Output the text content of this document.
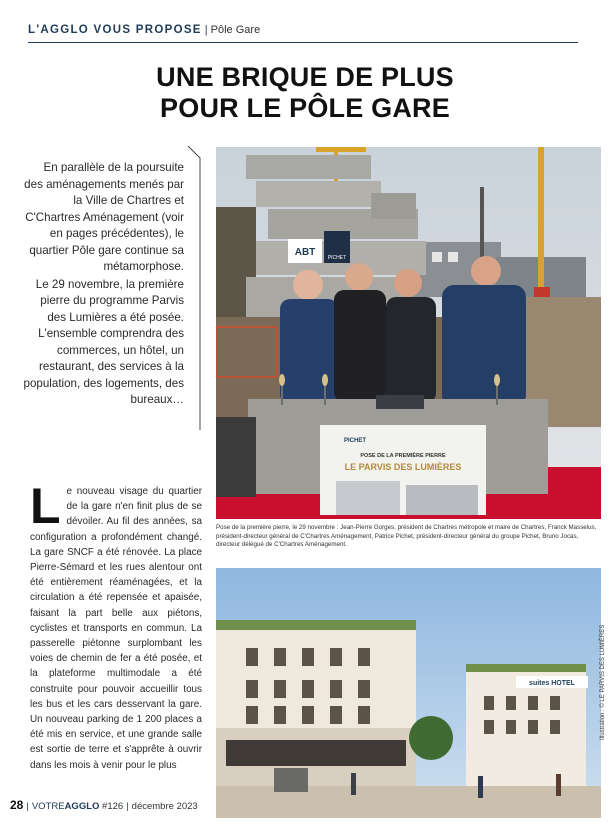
L'AGGLO VOUS PROPOSE | Pôle Gare
UNE BRIQUE DE PLUS
POUR LE PÔLE GARE

En parallèle de la poursuite des aménagements menés par la Ville de Chartres et C'Chartres Aménagement (voir en pages précédentes), le quartier Pôle gare continue sa métamorphose.

Le 29 novembre, la première pierre du programme Parvis des Lumières a été posée. L'ensemble comprendra des commerces, un hôtel, un restaurant, des services à la population, des logements, des bureaux…

ABT	PICHET
PICHET
POSE DE LA PREMIÈRE PIERRE
LE PARVIS DES LUMIÈRES
Pose de la première pierre, le 29 novembre : Jean-Pierre Gorges, président de Chartres métropole et maire de Chartres, Franck Masselus, président-directeur général de C'Chartres Aménagement, Patrice Pichet, président-directeur général du groupe Pichet, Bruno Jocas, directeur délégué de C'Chartres Aménagement.
Le nouveau visage du quartier de la gare n'en finit plus de se dévoiler. Au fil des années, sa configuration a profondément changé. La gare SNCF a été rénovée. La place Pierre-Sémard et les rues alentour ont été entièrement réaménagées, et la circulation a été repensée et apaisée, faisant la part belle aux piétons, cyclistes et transports en commun. La passerelle piétonne surplombant les voies de chemin de fer a été posée, et la plateforme multimodale a été construite pour pouvoir accueillir tous les bus et les cars desservant la gare. Un nouveau parking de 1 200 places a été mis en service, et une grande salle est sortie de terre et s'apprête à ouvrir dans les mois à venir pour le plus
suites HOTEL	Illustration : © LE PARVIS DES LUMIÈRES
28 | VOTREAGGLO #126 | décembre 2023
